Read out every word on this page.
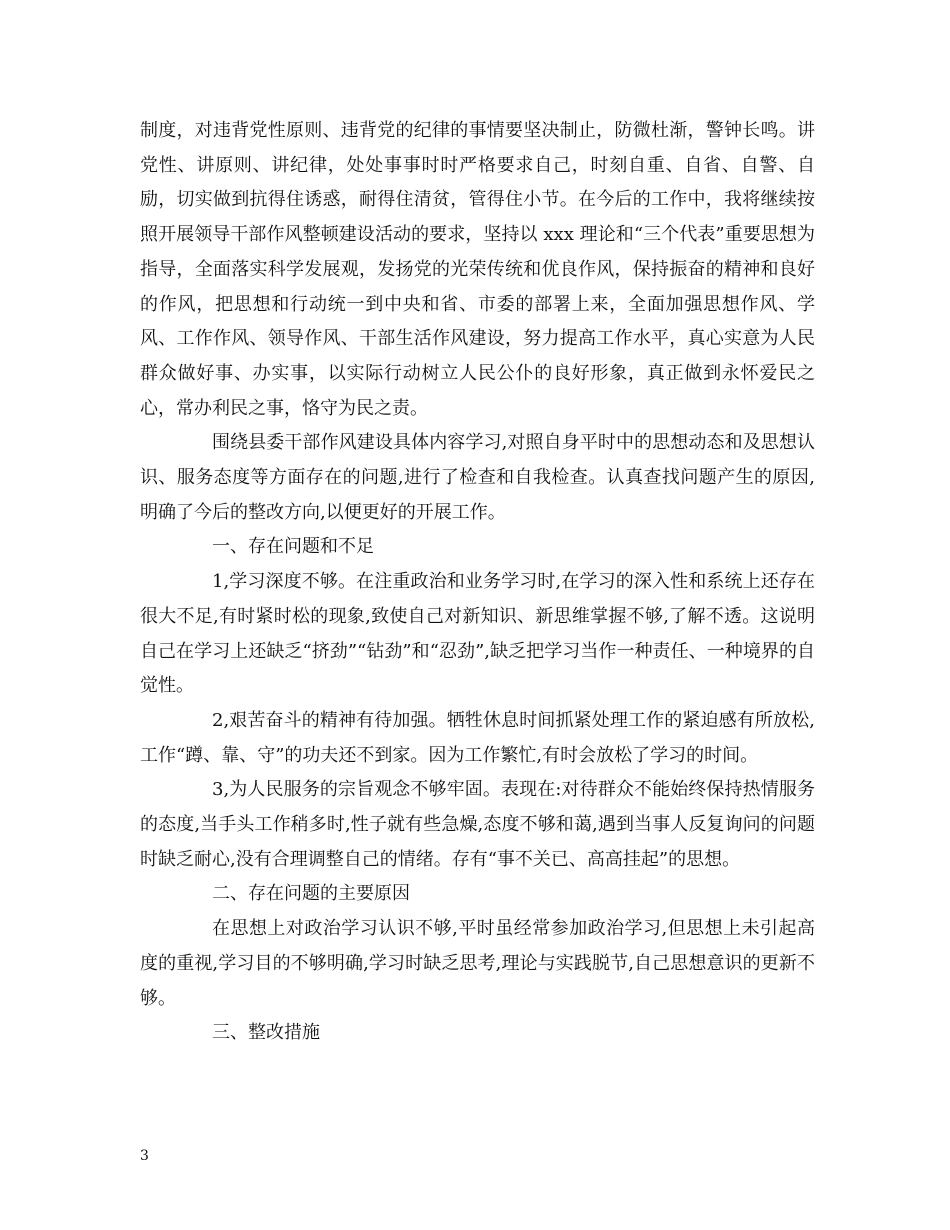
制度，对违背党性原则、违背党的纪律的事情要坚决制止，防微杜渐，警钟长鸣。讲党性、讲原则、讲纪律，处处事事时时严格要求自己，时刻自重、自省、自警、自励，切实做到抗得住诱惑，耐得住清贫，管得住小节。在今后的工作中，我将继续按照开展领导干部作风整顿建设活动的要求，坚持以 xxx 理论和“三个代表”重要思想为指导，全面落实科学发展观，发扬党的光荣传统和优良作风，保持振奋的精神和良好的作风，把思想和行动统一到中央和省、市委的部署上来，全面加强思想作风、学风、工作作风、领导作风、干部生活作风建设，努力提高工作水平，真心实意为人民群众做好事、办实事，以实际行动树立人民公仆的良好形象，真正做到永怀爱民之心，常办利民之事，恪守为民之责。

围绕县委干部作风建设具体内容学习,对照自身平时中的思想动态和及思想认识、服务态度等方面存在的问题,进行了检查和自我检查。认真查找问题产生的原因,明确了今后的整改方向,以便更好的开展工作。

一、存在问题和不足

1,学习深度不够。在注重政治和业务学习时,在学习的深入性和系统上还存在很大不足,有时紧时松的现象,致使自己对新知识、新思维掌握不够,了解不透。这说明自己在学习上还缺乏“挤劲”“钻劲”和“忍劲”,缺乏把学习当作一种责任、一种境界的自觉性。

2,艰苦奋斗的精神有待加强。牺牲休息时间抓紧处理工作的紧迫感有所放松,工作“蹲、靠、守”的功夫还不到家。因为工作繁忙,有时会放松了学习的时间。

3,为人民服务的宗旨观念不够牢固。表现在:对待群众不能始终保持热情服务的态度,当手头工作稍多时,性子就有些急燥,态度不够和蔼,遇到当事人反复询问的问题时缺乏耐心,没有合理调整自己的情绪。存有“事不关已、高高挂起”的思想。

二、存在问题的主要原因

在思想上对政治学习认识不够,平时虽经常参加政治学习,但思想上未引起高度的重视,学习目的不够明确,学习时缺乏思考,理论与实践脱节,自己思想意识的更新不够。

三、整改措施

3
